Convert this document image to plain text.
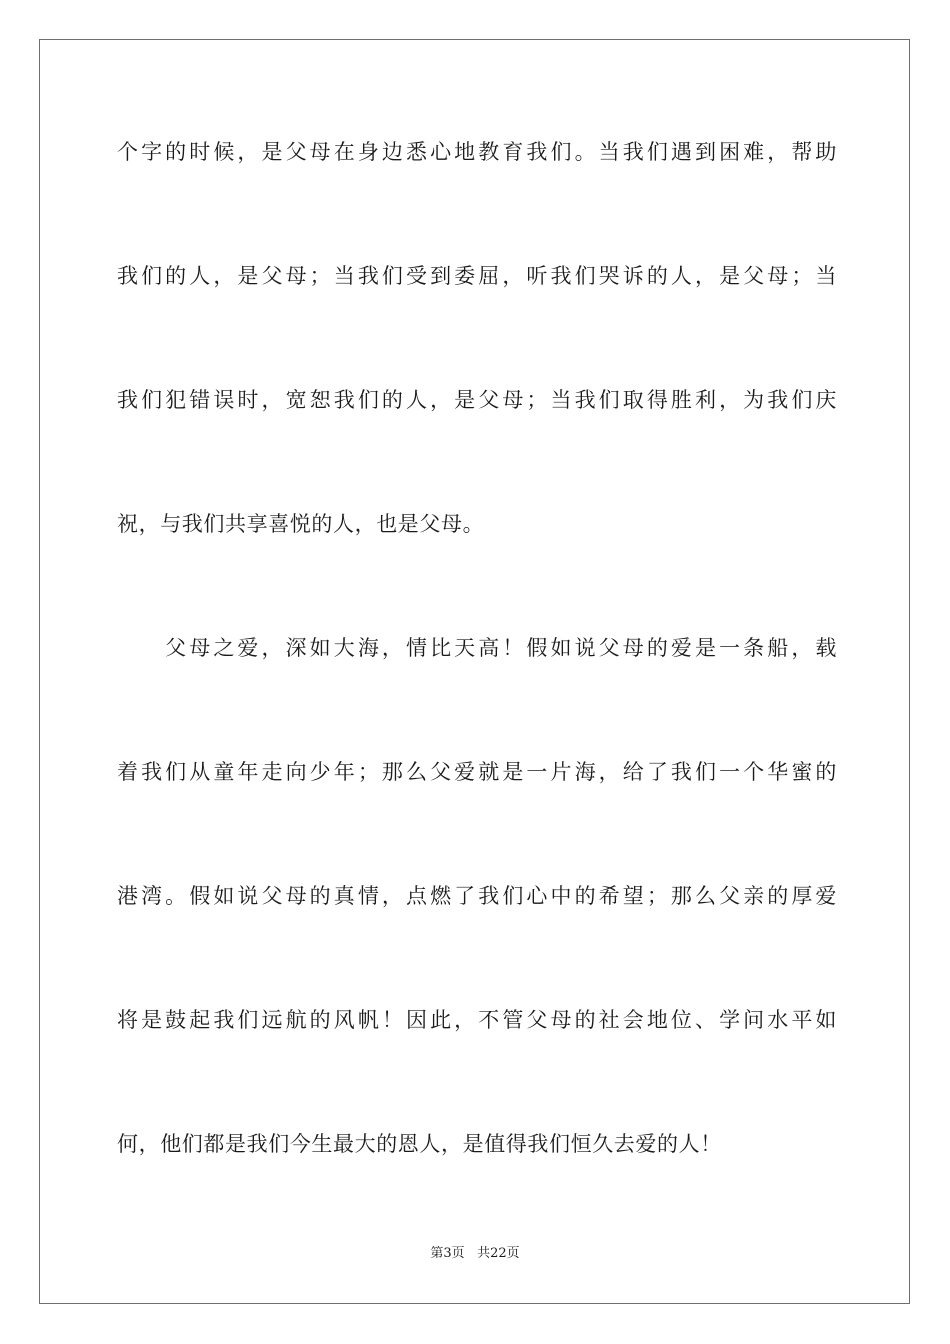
个字的时候，是父母在身边悉心地教育我们。当我们遇到困难，帮助
我们的人，是父母；当我们受到委屈，听我们哭诉的人，是父母；当
我们犯错误时，宽恕我们的人，是父母；当我们取得胜利，为我们庆
祝，与我们共享喜悦的人，也是父母。
　　父母之爱，深如大海，情比天高！假如说父母的爱是一条船，载
着我们从童年走向少年；那么父爱就是一片海，给了我们一个华蜜的
港湾。假如说父母的真情，点燃了我们心中的希望；那么父亲的厚爱
将是鼓起我们远航的风帆！因此，不管父母的社会地位、学问水平如
何，他们都是我们今生最大的恩人，是值得我们恒久去爱的人！
第3页 共22页
